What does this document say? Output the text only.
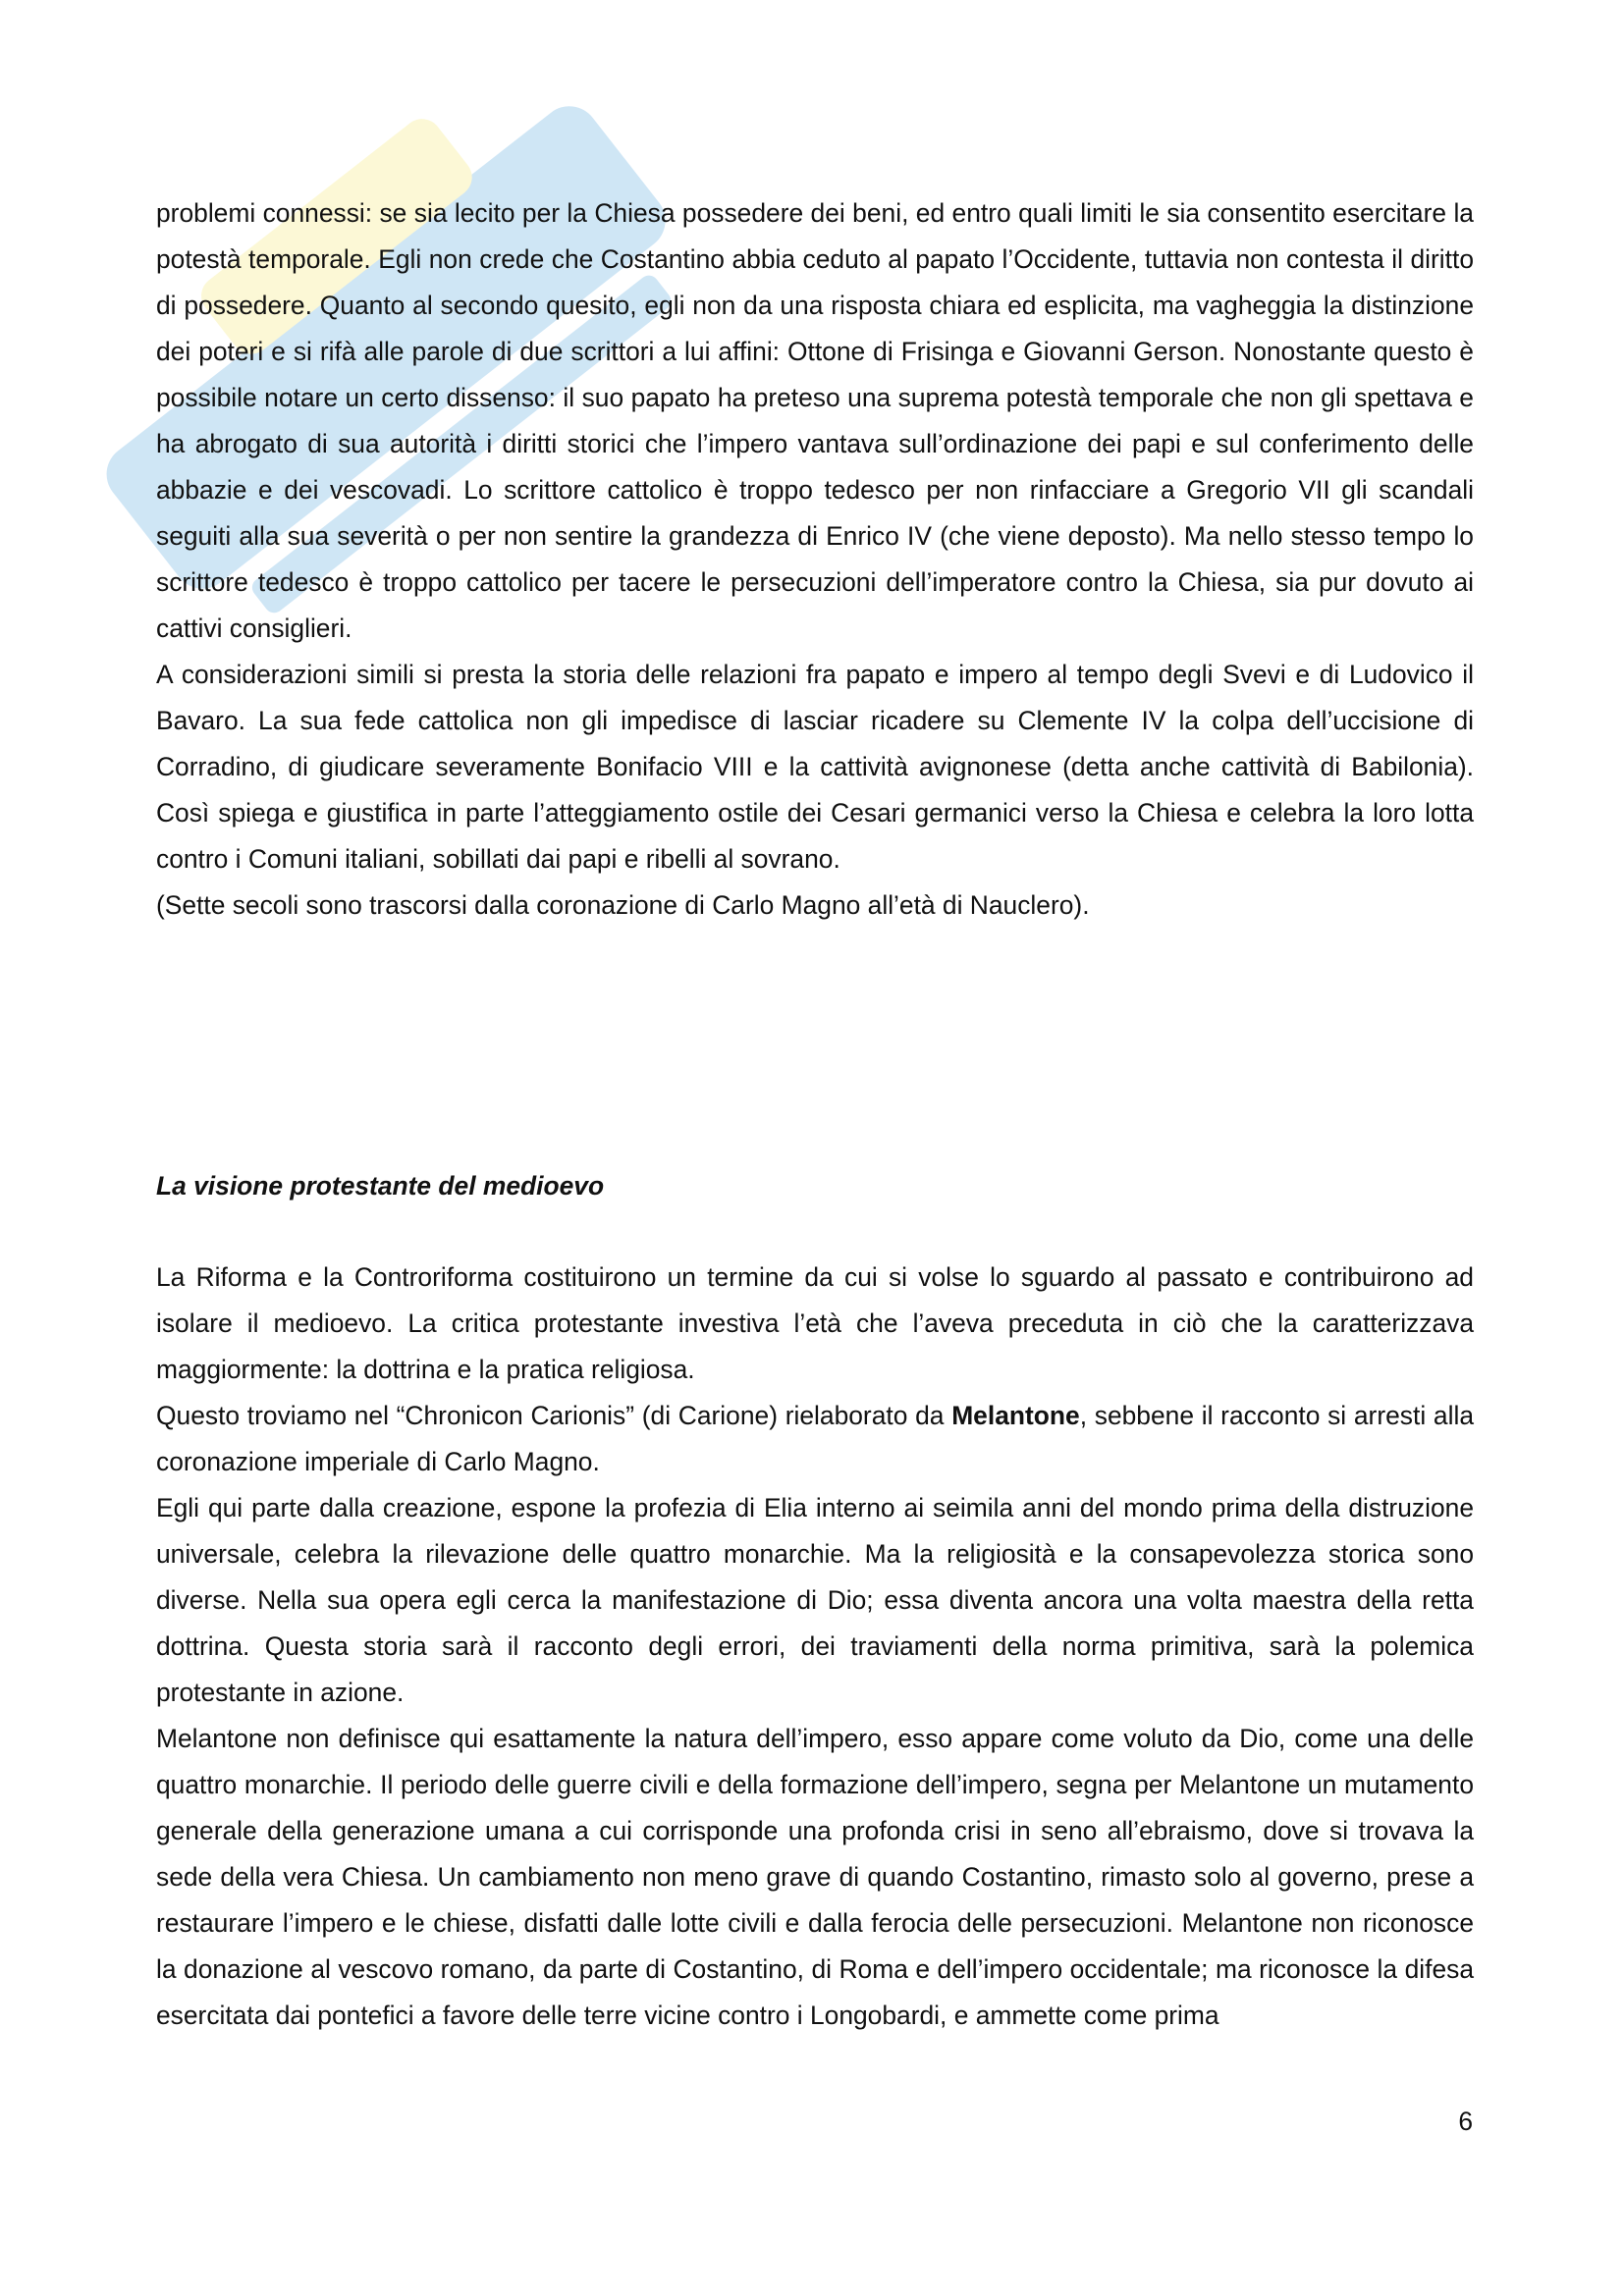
problemi connessi: se sia lecito per la Chiesa possedere dei beni, ed entro quali limiti le sia consentito esercitare la potestà temporale. Egli non crede che Costantino abbia ceduto al papato l’Occidente, tuttavia non contesta il diritto di possedere. Quanto al secondo quesito, egli non da una risposta chiara ed esplicita, ma vagheggia la distinzione dei poteri e si rifà alle parole di due scrittori a lui affini: Ottone di Frisinga e Giovanni Gerson. Nonostante questo è possibile notare un certo dissenso: il suo papato ha preteso una suprema potestà temporale che non gli spettava e ha abrogato di sua autorità i diritti storici che l’impero vantava sull’ordinazione dei papi e sul conferimento delle abbazie e dei vescovadi. Lo scrittore cattolico è troppo tedesco per non rinfacciare a Gregorio VII gli scandali seguiti alla sua severità o per non sentire la grandezza di Enrico IV (che viene deposto). Ma nello stesso tempo lo scrittore tedesco è troppo cattolico per tacere le persecuzioni dell’imperatore contro la Chiesa, sia pur dovuto ai cattivi consiglieri.

A considerazioni simili si presta la storia delle relazioni fra papato e impero al tempo degli Svevi e di Ludovico il Bavaro. La sua fede cattolica non gli impedisce di lasciar ricadere su Clemente IV la colpa dell’uccisione di Corradino, di giudicare severamente Bonifacio VIII e la cattività avignonese (detta anche cattività di Babilonia). Così spiega e giustifica in parte l’atteggiamento ostile dei Cesari germanici verso la Chiesa e celebra la loro lotta contro i Comuni italiani, sobillati dai papi e ribelli al sovrano.

(Sette secoli sono trascorsi dalla coronazione di Carlo Magno all’età di Nauclero).

La visione protestante del medioevo

La Riforma e la Controriforma costituirono un termine da cui si volse lo sguardo al passato e contribuirono ad isolare il medioevo. La critica protestante investiva l’età che l’aveva preceduta in ciò che la caratterizzava maggiormente: la dottrina e la pratica religiosa.

Questo troviamo nel “Chronicon Carionis” (di Carione) rielaborato da Melantone, sebbene il racconto si arresti alla coronazione imperiale di Carlo Magno.

Egli qui parte dalla creazione, espone la profezia di Elia interno ai seimila anni del mondo prima della distruzione universale, celebra la rilevazione delle quattro monarchie. Ma la religiosità e la consapevolezza storica sono diverse. Nella sua opera egli cerca la manifestazione di Dio; essa diventa ancora una volta maestra della retta dottrina. Questa storia sarà il racconto degli errori, dei traviamenti della norma primitiva, sarà la polemica protestante in azione.

Melantone non definisce qui esattamente la natura dell’impero, esso appare come voluto da Dio, come una delle quattro monarchie. Il periodo delle guerre civili e della formazione dell’impero, segna per Melantone un mutamento generale della generazione umana a cui corrisponde una profonda crisi in seno all’ebraismo, dove si trovava la sede della vera Chiesa. Un cambiamento non meno grave di quando Costantino, rimasto solo al governo, prese a restaurare l’impero e le chiese, disfatti dalle lotte civili e dalla ferocia delle persecuzioni. Melantone non riconosce la donazione al vescovo romano, da parte di Costantino, di Roma e dell’impero occidentale; ma riconosce la difesa esercitata dai pontefici a favore delle terre vicine contro i Longobardi, e ammette come prima

6
